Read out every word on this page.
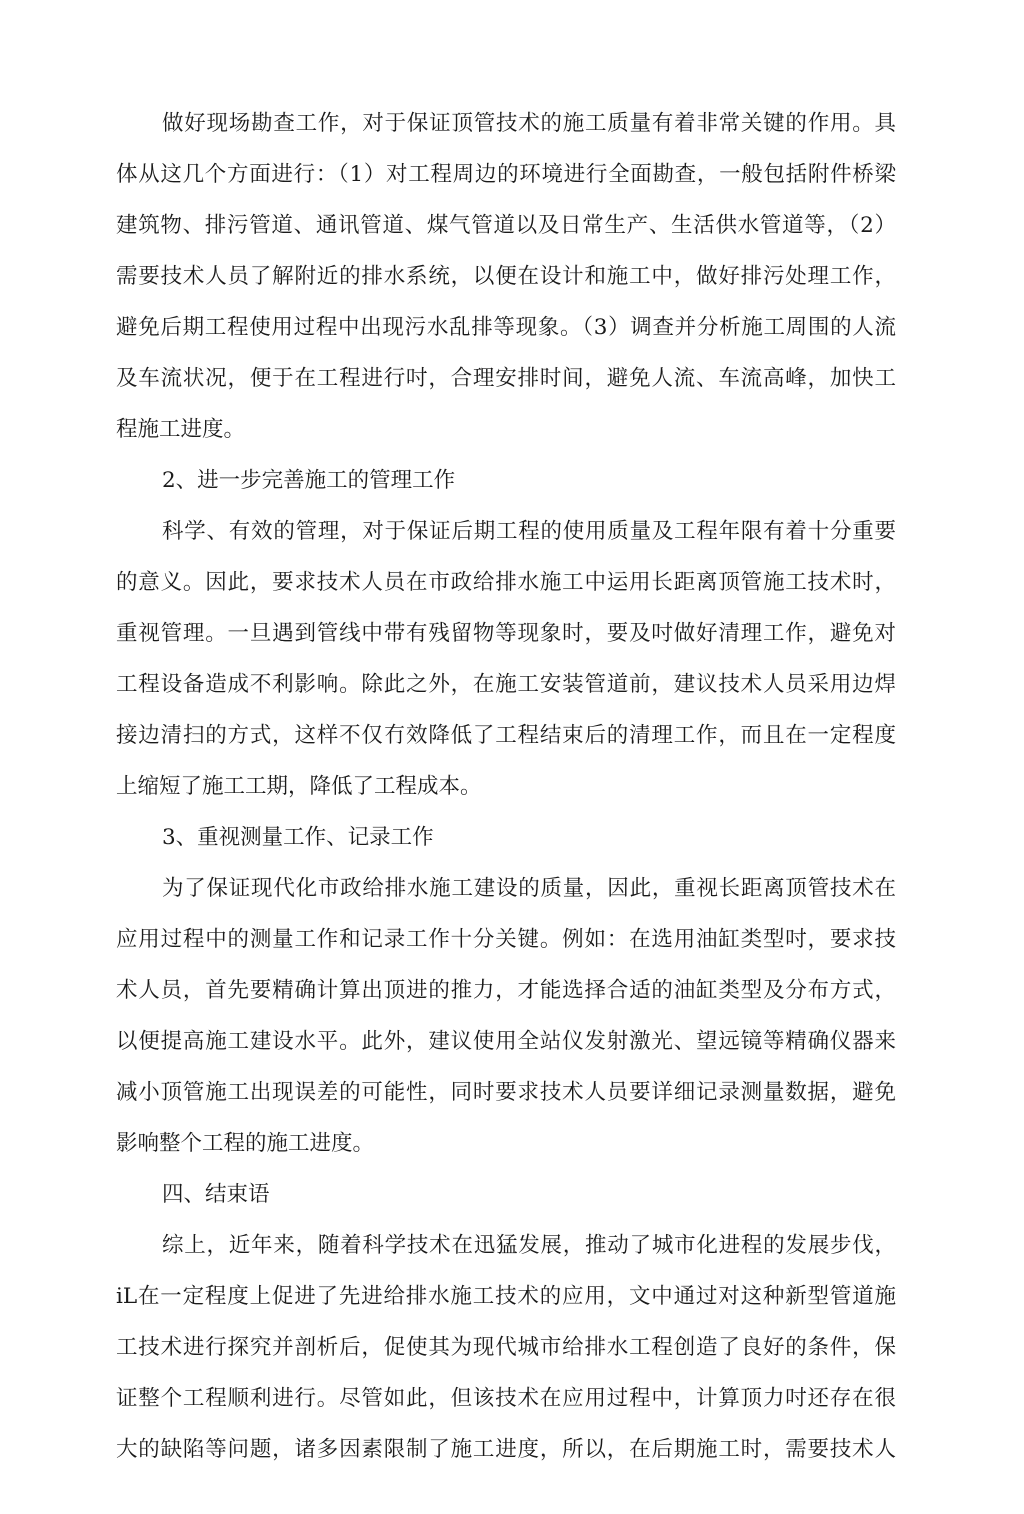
做好现场勘查工作，对于保证顶管技术的施工质量有着非常关键的作用。具
体从这几个方面进行：（1）对工程周边的环境进行全面勘查，一般包括附件桥梁
建筑物、排污管道、通讯管道、煤气管道以及日常生产、生活供水管道等，（2）
需要技术人员了解附近的排水系统，以便在设计和施工中，做好排污处理工作，
避免后期工程使用过程中出现污水乱排等现象。（3）调查并分析施工周围的人流
及车流状况，便于在工程进行吋，合理安排时间，避免人流、车流高峰，加快工
程施工进度。
2、进一步完善施工的管理工作
科学、有效的管理，对于保证后期工程的使用质量及工程年限有着十分重要
的意义。因此，要求技术人员在市政给排水施工中运用长距离顶管施工技术时，
重视管理。一旦遇到管线中带有残留物等现象时，要及吋做好清理工作，避免对
工程设备造成不利影响。除此之外，在施工安装管道前，建议技术人员采用边焊
接边清扫的方式，这样不仅冇效降低了工程结束后的清理工作，而且在一定程度
上缩短了施工工期，降低了工程成本。
3、重视测量工作、记录工作
为了保证现代化市政给排水施工建设的质量，因此，重视长距离顶管技术在
应用过程中的测量工作和记录工作十分关键。例如：在选用油缸类型吋，要求技
术人员，首先要精确计算出顶进的推力，才能选择合适的油缸类型及分布方式，
以便提高施工建设水平。此外，建议使用全站仪发射激光、望远镜等精确仪器来
减小顶管施工出现误差的可能性，同时要求技术人员要详细记录测量数据，避免
影响整个工程的施工进度。
四、结束语
综上，近年来，随着科学技术在迅猛发展，推动了城市化进程的发展步伐，
iL在一定程度上促进了先进给排水施工技术的应用，文中通过对这种新型管道施
工技术进行探究并剖析后，促使其为现代城市给排水工程创造了良好的条件，保
证整个工程顺利进行。尽管如此，但该技术在应用过程中，计算顶力吋还存在很
大的缺陷等问题，诸多因素限制了施工进度，所以，在后期施工时，需要技术人
